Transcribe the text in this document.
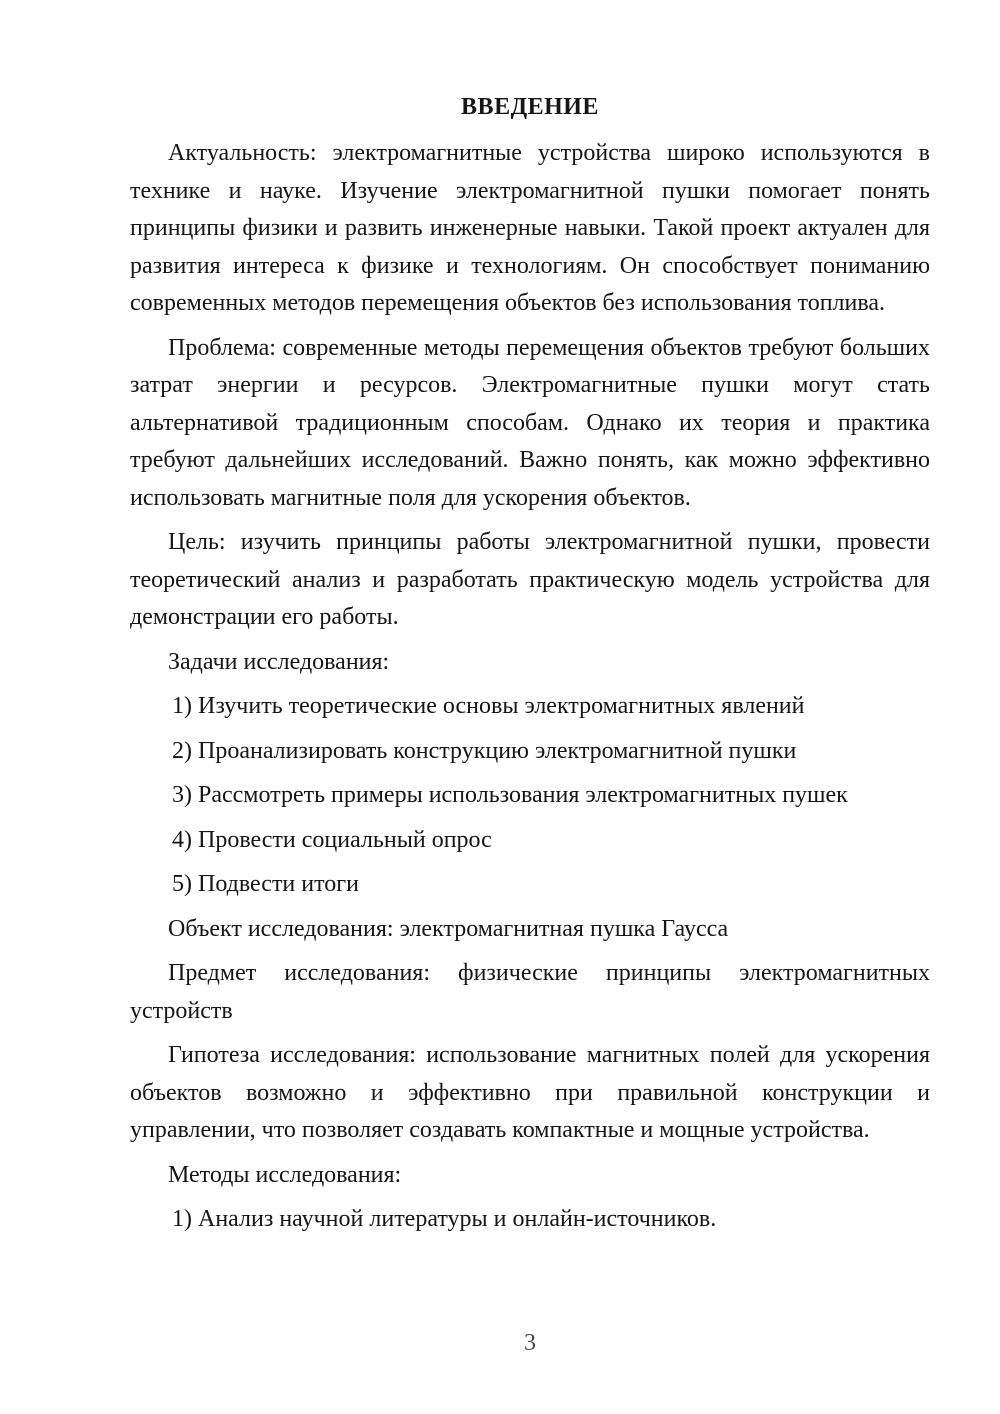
ВВЕДЕНИЕ

Актуальность: электромагнитные устройства широко используются в технике и науке. Изучение электромагнитной пушки помогает понять принципы физики и развить инженерные навыки. Такой проект актуален для развития интереса к физике и технологиям. Он способствует пониманию современных методов перемещения объектов без использования топлива.

Проблема: современные методы перемещения объектов требуют больших затрат энергии и ресурсов. Электромагнитные пушки могут стать альтернативой традиционным способам. Однако их теория и практика требуют дальнейших исследований. Важно понять, как можно эффективно использовать магнитные поля для ускорения объектов.

Цель: изучить принципы работы электромагнитной пушки, провести теоретический анализ и разработать практическую модель устройства для демонстрации его работы.

Задачи исследования:

1) Изучить теоретические основы электромагнитных явлений

2) Проанализировать конструкцию электромагнитной пушки

3) Рассмотреть примеры использования электромагнитных пушек

4) Провести социальный опрос

5) Подвести итоги

Объект исследования: электромагнитная пушка Гаусса

Предмет исследования: физические принципы электромагнитных устройств

Гипотеза исследования: использование магнитных полей для ускорения объектов возможно и эффективно при правильной конструкции и управлении, что позволяет создавать компактные и мощные устройства.

Методы исследования:

1) Анализ научной литературы и онлайн-источников.

3
